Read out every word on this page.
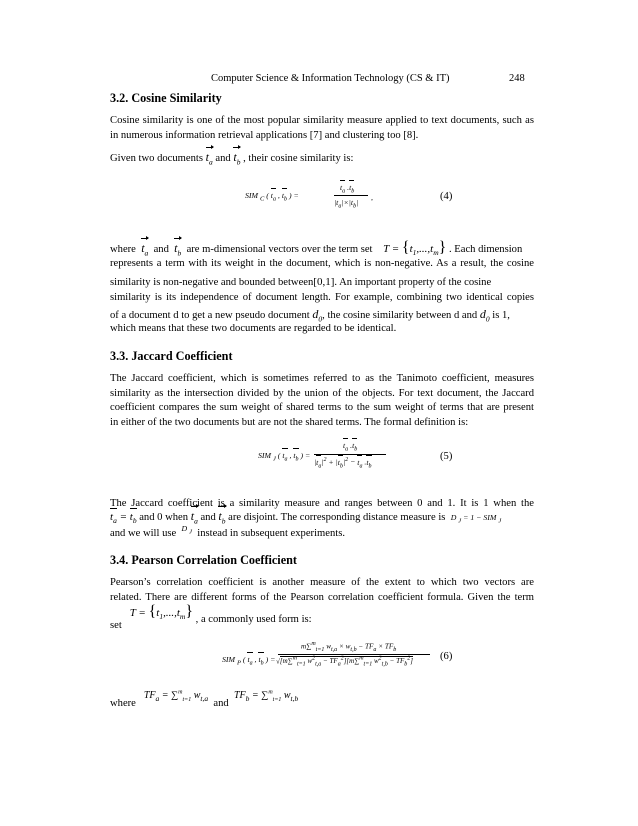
Computer Science & Information Technology (CS & IT)	248
3.2. Cosine Similarity
Cosine similarity is one of the most popular similarity measure applied to text documents, such as
in numerous information retrieval applications [7] and clustering too [8].
Given two documents $t_a$ and $t_b$ , their cosine similarity is:
SIM $_C$ ( $t_a$ , $t_b$ ) =
$t_a$ $.t_b$
$|t_a|\times|t_b|$
,	(4)
where $t_a$ and $t_b$ are m-dimensional vectors over the term set $T = \{t_1,...,t_m\}$ . Each dimension
represents a term with its weight in the document, which is non-negative. As a result, the cosine
similarity is non-negative and bounded between[0,1]. An important property of the cosine
similarity is its independence of document length. For example, combining two identical copies
of a document d to get a new pseudo document $d_0$, the cosine similarity between d and $d_0$ is 1,
which means that these two documents are regarded to be identical.
3.3. Jaccard Coefficient
The Jaccard coefficient, which is sometimes referred to as the Tanimoto coefficient, measures
similarity as the intersection divided by the union of the objects. For text document, the Jaccard
coefficient compares the sum weight of shared terms to the sum weight of terms that are present
in either of the two documents but are not the shared terms. The formal definition is:
SIM $_J$ ( $t_a$ , $t_b$ ) =
$t_a$ $.t_b$
$|t_a|^2 + |t_b|^2 - t_a$ $.t_b$
(5)
The Jaccard coefficient is a similarity measure and ranges between 0 and 1. It is 1 when the
$t_a = t_b$ and 0 when $t_a$ and $t_b$ are disjoint. The corresponding distance measure is D $_J$ = 1 − SIM $_J$
and we will use $^{D _J}$ instead in subsequent experiments.
3.4. Pearson Correlation Coefficient
Pearson’s correlation coefficient is another measure of the extent to which two vectors are
related. There are different forms of the Pearson correlation coefficient formula. Given the term
set   $T = \{t_1,...,t_m\}$ , a commonly used form is:
SIM $_P$ ( $t_a$ , $t_b$ ) =
m∑$^m_{t=1}$ $w_{t,a} \times w_{t,b} - TF_a \times TF_b$
√[m∑$^m_{t=1}$ $w^2_{t,a} - TF_a^2][m\sum^m_{t=1}$ $w^2_{t,b} - TF_b^2$]	(6)
where   $TF_a = \sum^m_{t=1}$ $w_{t,a}$ and  $TF_b = \sum^m_{t=1}$ $w_{t,b}$
